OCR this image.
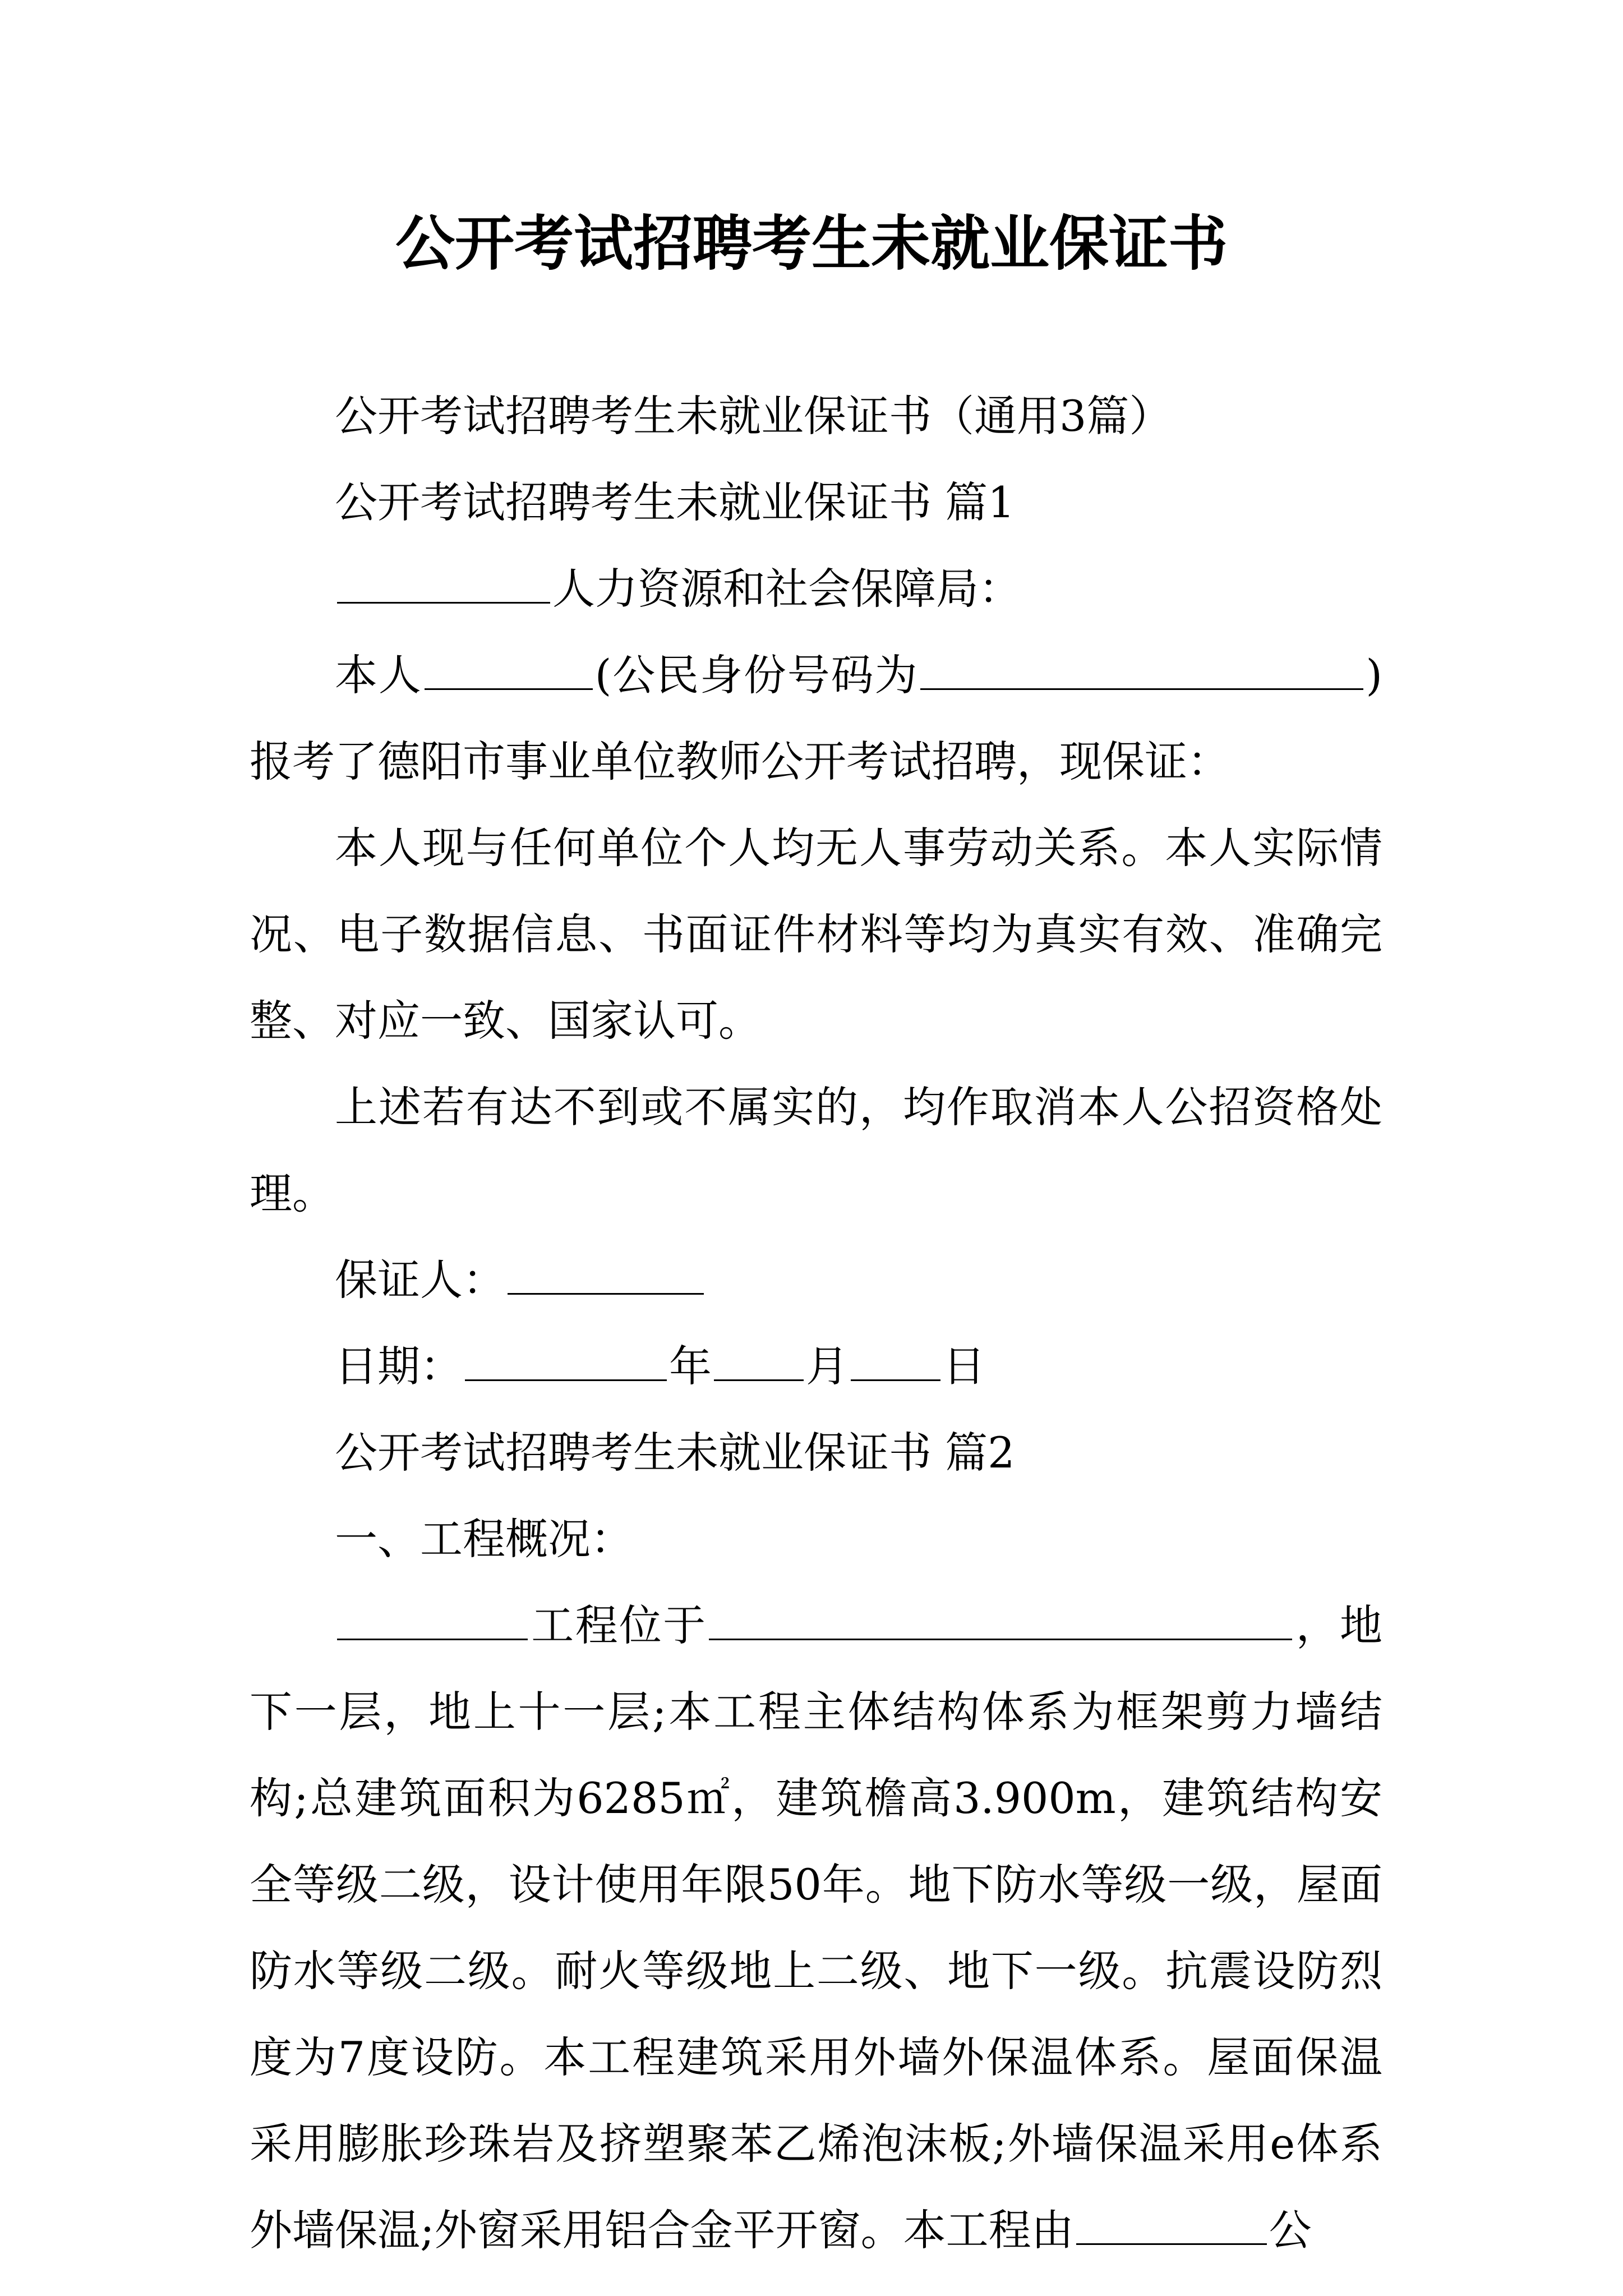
公开考试招聘考生未就业保证书

公开考试招聘考生未就业保证书（通用3篇）

公开考试招聘考生未就业保证书 篇1

人力资源和社会保障局：

本人	(公民身份号码为	)报考了德阳市事业单位教师公开考试招聘，现保证：

本人现与任何单位个人均无人事劳动关系。本人实际情况、电子数据信息、书面证件材料等均为真实有效、准确完整、对应一致、国家认可。

上述若有达不到或不属实的，均作取消本人公招资格处理。

保证人：

日期：	年 月 日

公开考试招聘考生未就业保证书 篇2

一、工程概况：

工程位于	，地下一层，地上十一层;本工程主体结构体系为框架剪力墙结构;总建筑面积为6285㎡，建筑檐高3.900m，建筑结构安全等级二级，设计使用年限50年。地下防水等级一级，屋面防水等级二级。耐火等级地上二级、地下一级。抗震设防烈度为7度设防。本工程建筑采用外墙外保温体系。屋面保温采用膨胀珍珠岩及挤塑聚苯乙烯泡沫板;外墙保温采用e体系外墙保温;外窗采用铝合金平开窗。本工程由	公
